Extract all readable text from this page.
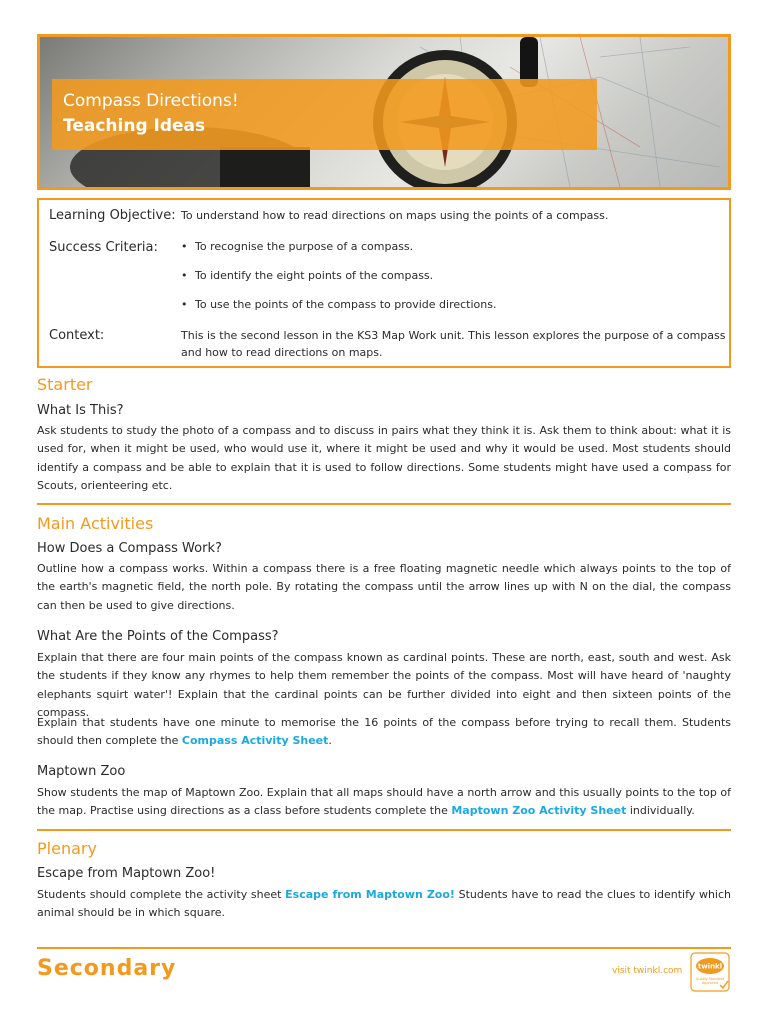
Compass Directions!
Teaching Ideas
Learning Objective: To understand how to read directions on maps using the points of a compass.
Success Criteria: • To recognise the purpose of a compass.
• To identify the eight points of the compass.
• To use the points of the compass to provide directions.
Context:	This is the second lesson in the KS3 Map Work unit. This lesson explores the purpose of a compass
and how to read directions on maps.
Starter
What Is This?
Ask students to study the photo of a compass and to discuss in pairs what they think it is. Ask them to think about: what it is used for, when it might be used, who would use it, where it might be used and why it would be used. Most students should identify a compass and be able to explain that it is used to follow directions. Some students might have used a compass for Scouts, orienteering etc.
Main Activities
How Does a Compass Work?
Outline how a compass works. Within a compass there is a free floating magnetic needle which always points to the top of the earth's magnetic field, the north pole. By rotating the compass until the arrow lines up with N on the dial, the compass can then be used to give directions.
What Are the Points of the Compass?
Explain that there are four main points of the compass known as cardinal points. These are north, east, south and west. Ask the students if they know any rhymes to help them remember the points of the compass. Most will have heard of 'naughty elephants squirt water'! Explain that the cardinal points can be further divided into eight and then sixteen points of the compass.
Explain that students have one minute to memorise the 16 points of the compass before trying to recall them. Students should then complete the Compass Activity Sheet.
Maptown Zoo
Show students the map of Maptown Zoo. Explain that all maps should have a north arrow and this usually points to the top of the map. Practise using directions as a class before students complete the Maptown Zoo Activity Sheet individually.
Plenary
Escape from Maptown Zoo!
Students should complete the activity sheet Escape from Maptown Zoo! Students have to read the clues to identify which animal should be in which square.
Secondary	visit twinkl.com twinkl
Quality Standard
Approved
